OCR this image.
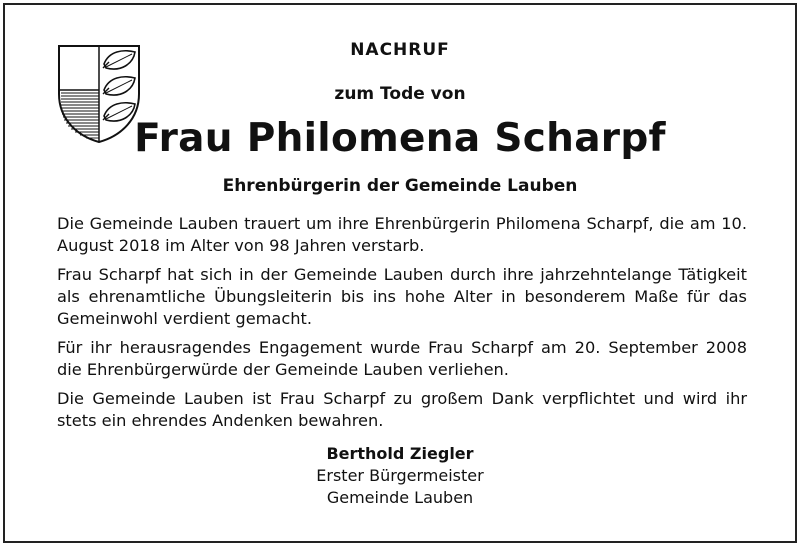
NACHRUF
zum Tode von
Frau Philomena Scharpf
Ehrenbürgerin der Gemeinde Lauben

Die Gemeinde Lauben trauert um ihre Ehrenbürgerin Philomena Scharpf, die am 10. August 2018 im Alter von 98 Jahren verstarb.

Frau Scharpf hat sich in der Gemeinde Lauben durch ihre jahrzehntelange Tätigkeit als ehrenamtliche Übungsleiterin bis ins hohe Alter in besonderem Maße für das Gemeinwohl verdient gemacht.

Für ihr herausragendes Engagement wurde Frau Scharpf am 20. September 2008 die Ehrenbürgerwürde der Gemeinde Lauben verliehen.

Die Gemeinde Lauben ist Frau Scharpf zu großem Dank verpflichtet und wird ihr stets ein ehrendes Andenken bewahren.

Berthold Ziegler
Erster Bürgermeister
Gemeinde Lauben
